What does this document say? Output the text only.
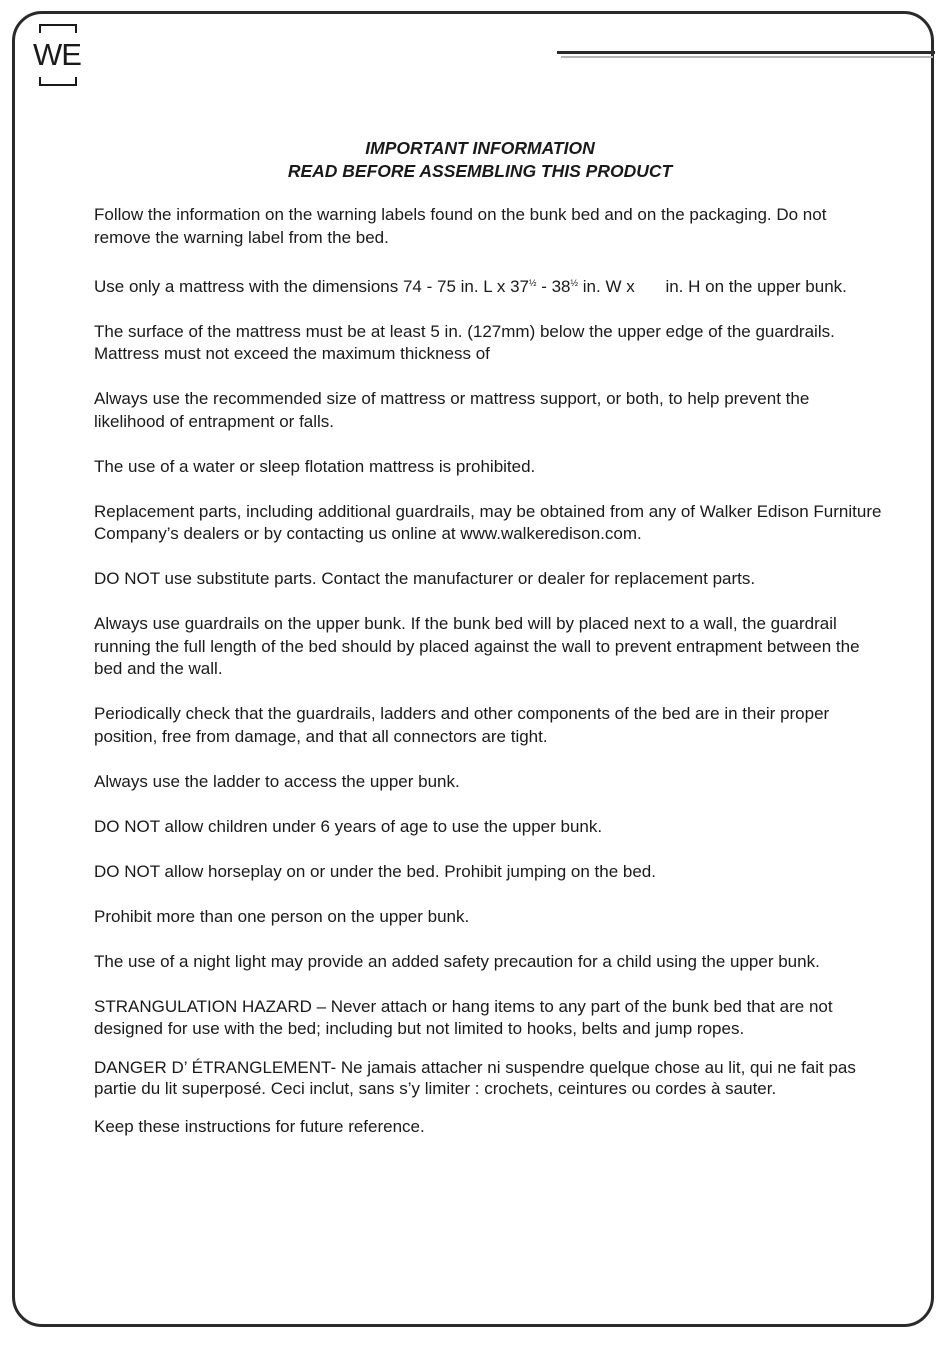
WE
IMPORTANT INFORMATION
READ BEFORE ASSEMBLING THIS PRODUCT

Follow the information on the warning labels found on the bunk bed and on the packaging. Do not remove the warning label from the bed.

Use only a mattress with the dimensions 74 - 75 in. L x $37^{\frac{1}{2}} - 38^{\frac{1}{2}}$ in. W x in. H on the upper bunk.

The surface of the mattress must be at least 5 in. (127mm) below the upper edge of the guardrails. Mattress must not exceed the maximum thickness of

Always use the recommended size of mattress or mattress support, or both, to help prevent the likelihood of entrapment or falls.

The use of a water or sleep flotation mattress is prohibited.

Replacement parts, including additional guardrails, may be obtained from any of Walker Edison Furniture Company’s dealers or by contacting us online at www.walkeredison.com.

DO NOT use substitute parts. Contact the manufacturer or dealer for replacement parts.

Always use guardrails on the upper bunk. If the bunk bed will by placed next to a wall, the guardrail running the full length of the bed should by placed against the wall to prevent entrapment between the bed and the wall.

Periodically check that the guardrails, ladders and other components of the bed are in their proper position, free from damage, and that all connectors are tight.

Always use the ladder to access the upper bunk.

DO NOT allow children under 6 years of age to use the upper bunk.

DO NOT allow horseplay on or under the bed. Prohibit jumping on the bed.

Prohibit more than one person on the upper bunk.

The use of a night light may provide an added safety precaution for a child using the upper bunk.

STRANGULATION HAZARD – Never attach or hang items to any part of the bunk bed that are not designed for use with the bed; including but not limited to hooks, belts and jump ropes.

DANGER D’ ÉTRANGLEMENT- Ne jamais attacher ni suspendre quelque chose au lit, qui ne fait pas partie du lit superposé. Ceci inclut, sans s’y limiter : crochets, ceintures ou cordes à sauter.

Keep these instructions for future reference.
